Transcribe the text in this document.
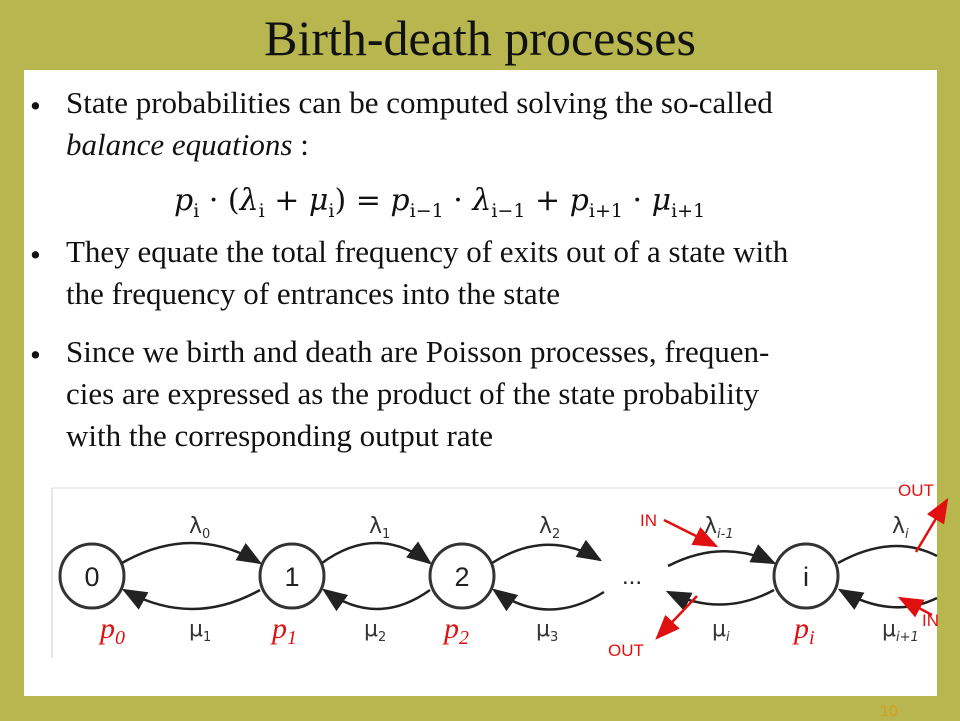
Birth-death processes
• State probabilities can be computed solving the so-called
balance equations :
$p_i \cdot (\lambda_i + \mu_i) = p_{i-1} \cdot \lambda_{i-1} + p_{i+1} \cdot \mu_{i+1}$
• They equate the total frequency of exits out of a state with
the frequency of entrances into the state
• Since we birth and death are Poisson processes, frequen-
cies are expressed as the product of the state probability
with the corresponding output rate
0	1	2	i
...
$\lambda_0$	$\lambda_1$	$\lambda_2$	$\lambda_{i-1}$	$\lambda_i$
$\mu_1$	$\mu_2$	$\mu_3$	$\mu_i$	$\mu_{i+1}$
$p_0$	$p_1$	$p_2$	$p_i$
IN
OUT
IN
OUT
10
